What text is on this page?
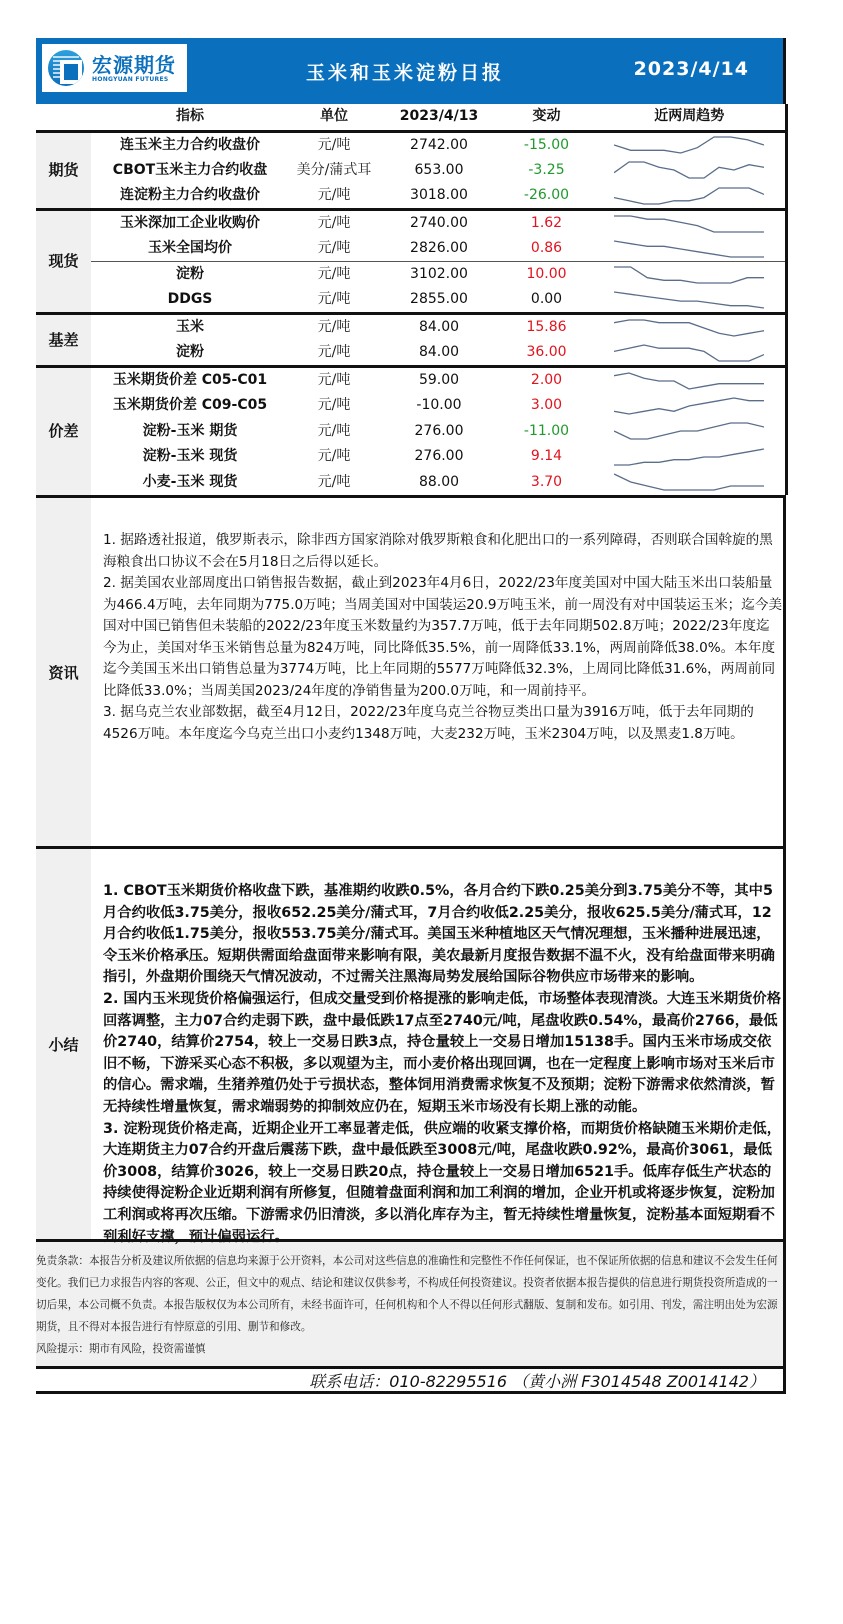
宏源期货
HONGYUAN FUTURES	玉米和玉米淀粉日报	2023/4/14
	指标	单位	2023/4/13	变动	近两周趋势
期货	连玉米主力合约收盘价	元/吨	2742.00	-15.00	

	CBOT玉米主力合约收盘	美分/蒲式耳	653.00	-3.25	

	连淀粉主力合约收盘价	元/吨	3018.00	-26.00	

现货	玉米深加工企业收购价	元/吨	2740.00	1.62	

	玉米全国均价	元/吨	2826.00	0.86	

	淀粉	元/吨	3102.00	10.00	

	DDGS	元/吨	2855.00	0.00	

基差	玉米	元/吨	84.00	15.86	

	淀粉	元/吨	84.00	36.00	

价差	玉米期货价差 C05-C01	元/吨	59.00	2.00	

	玉米期货价差 C09-C05	元/吨	-10.00	3.00	

	淀粉-玉米 期货	元/吨	276.00	-11.00	

	淀粉-玉米 现货	元/吨	276.00	9.14	

	小麦-玉米 现货	元/吨	88.00	3.70	
资讯

1. 据路透社报道，俄罗斯表示，除非西方国家消除对俄罗斯粮食和化肥出口的一系列障碍，否则联合国斡旋的黑海粮食出口协议不会在5月18日之后得以延长。

2. 据美国农业部周度出口销售报告数据，截止到2023年4月6日，2022/23年度美国对中国大陆玉米出口装船量为466.4万吨，去年同期为775.0万吨；当周美国对中国装运20.9万吨玉米，前一周没有对中国装运玉米；迄今美国对中国已销售但未装船的2022/23年度玉米数量约为357.7万吨，低于去年同期502.8万吨；2022/23年度迄今为止，美国对华玉米销售总量为824万吨，同比降低35.5%，前一周降低33.1%，两周前降低38.0%。本年度迄今美国玉米出口销售总量为3774万吨，比上年同期的5577万吨降低32.3%，上周同比降低31.6%，两周前同比降低33.0%；当周美国2023/24年度的净销售量为200.0万吨，和一周前持平。

3. 据乌克兰农业部数据，截至4月12日，2022/23年度乌克兰谷物豆类出口量为3916万吨，低于去年同期的4526万吨。本年度迄今乌克兰出口小麦约1348万吨，大麦232万吨，玉米2304万吨，以及黑麦1.8万吨。

小结

1. CBOT玉米期货价格收盘下跌，基准期约收跌0.5%，各月合约下跌0.25美分到3.75美分不等，其中5月合约收低3.75美分，报收652.25美分/蒲式耳，7月合约收低2.25美分，报收625.5美分/蒲式耳，12月合约收低1.75美分，报收553.75美分/蒲式耳。美国玉米种植地区天气情况理想，玉米播种进展迅速，令玉米价格承压。短期供需面给盘面带来影响有限，美农最新月度报告数据不温不火，没有给盘面带来明确指引，外盘期价围绕天气情况波动，不过需关注黑海局势发展给国际谷物供应市场带来的影响。

2. 国内玉米现货价格偏强运行，但成交量受到价格提涨的影响走低，市场整体表现清淡。大连玉米期货价格回落调整，主力07合约走弱下跌，盘中最低跌17点至2740元/吨，尾盘收跌0.54%，最高价2766，最低价2740，结算价2754，较上一交易日跌3点，持仓量较上一交易日增加15138手。国内玉米市场成交依旧不畅，下游采买心态不积极，多以观望为主，而小麦价格出现回调，也在一定程度上影响市场对玉米后市的信心。需求端，生猪养殖仍处于亏损状态，整体饲用消费需求恢复不及预期；淀粉下游需求依然清淡，暂无持续性增量恢复，需求端弱势的抑制效应仍在，短期玉米市场没有长期上涨的动能。

3. 淀粉现货价格走高，近期企业开工率显著走低，供应端的收紧支撑价格，而期货价格缺随玉米期价走低，大连期货主力07合约开盘后震荡下跌，盘中最低跌至3008元/吨，尾盘收跌0.92%，最高价3061，最低价3008，结算价3026，较上一交易日跌20点，持仓量较上一交易日增加6521手。低库存低生产状态的持续使得淀粉企业近期利润有所修复，但随着盘面利润和加工利润的增加，企业开机或将逐步恢复，淀粉加工利润或将再次压缩。下游需求仍旧清淡，多以消化库存为主，暂无持续性增量恢复，淀粉基本面短期看不到利好支撑，预计偏弱运行。

免责条款：本报告分析及建议所依据的信息均来源于公开资料，本公司对这些信息的准确性和完整性不作任何保证，也不保证所依据的信息和建议不会发生任何变化。我们已力求报告内容的客观、公正，但文中的观点、结论和建议仅供参考，不构成任何投资建议。投资者依据本报告提供的信息进行期货投资所造成的一切后果，本公司概不负责。本报告版权仅为本公司所有，未经书面许可，任何机构和个人不得以任何形式翻版、复制和发布。如引用、刊发，需注明出处为宏源期货，且不得对本报告进行有悖原意的引用、删节和修改。
风险提示：期市有风险，投资需谨慎
联系电话：010-82295516 （黄小洲 F3014548 Z0014142）
